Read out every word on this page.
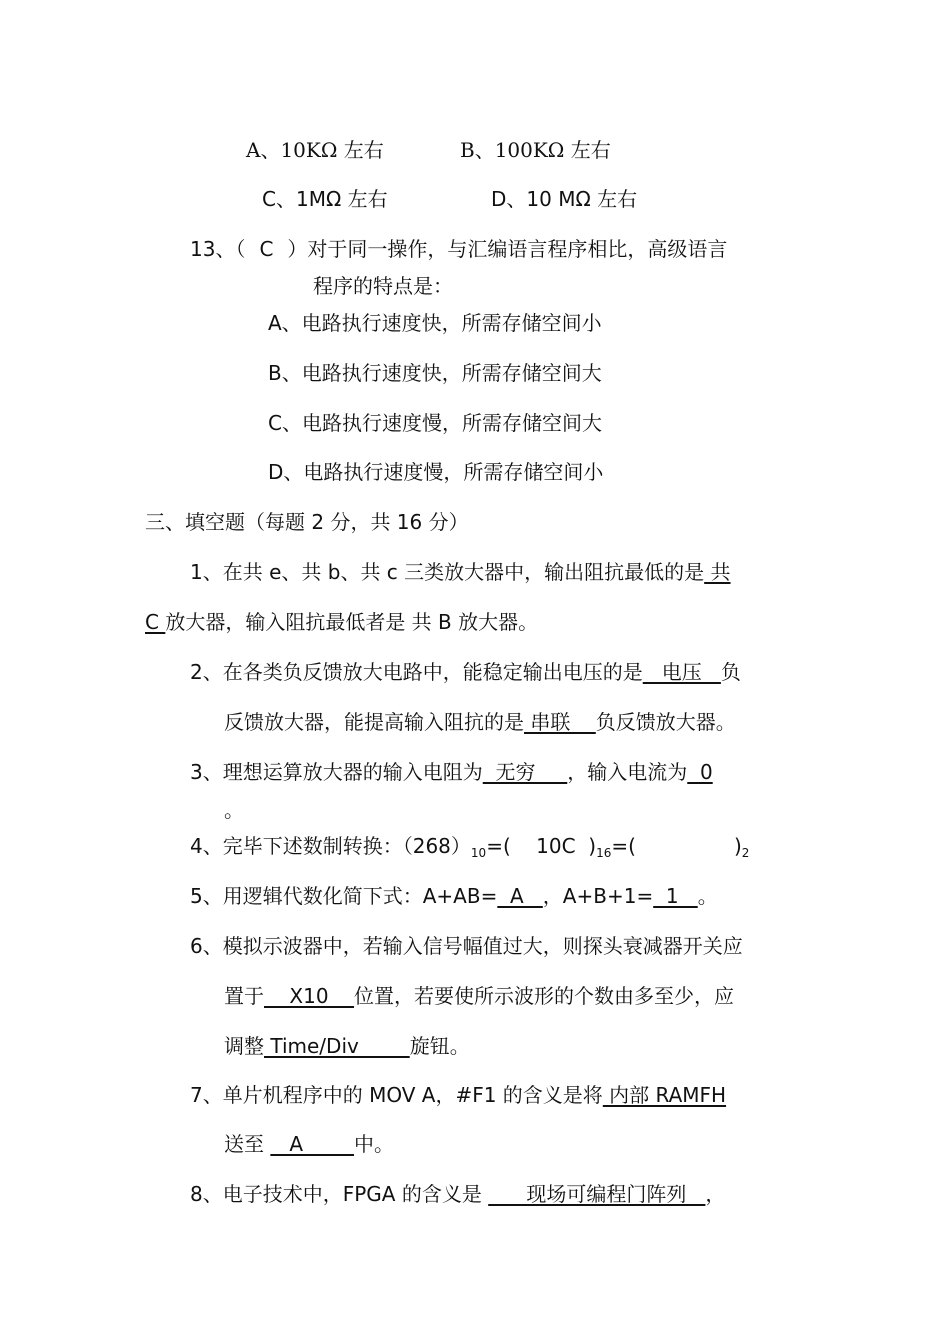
A、10KΩ 左右	B、100KΩ 左右
C、1MΩ 左右	D、10 MΩ 左右
13、（ C ）对于同一操作，与汇编语言程序相比，高级语言
程序的特点是：
A、电路执行速度快，所需存储空间小
B、电路执行速度快，所需存储空间大
C、电路执行速度慢，所需存储空间大
D、电路执行速度慢，所需存储空间小
三、填空题（每题 2 分，共 16 分）
1、在共 e、共 b、共 c 三类放大器中，输出阻抗最低的是 共
C 放大器，输入阻抗最低者是 共 B 放大器。
2、在各类负反馈放大电路中，能稳定输出电压的是   电压   负
反馈放大器，能提高输入阻抗的是 串联    负反馈放大器。
3、理想运算放大器的输入电阻为  无穷     ，输入电流为  0
。
4、完毕下述数制转换：$(268)_{10}=$(    10C  )$_{16}=$(	)$_2$
5、用逻辑代数化简下式：A+AB=  A   ，A+B+1=  1   。
6、模拟示波器中，若输入信号幅值过大，则探头衰减器开关应
置于    X10    位置，若要使所示波形的个数由多至少，应
调整 Time/Div        旋钮。
7、单片机程序中的 MOV A，#F1 的含义是将 内部 RAMFH
送至    A        中。
8、电子技术中，FPGA 的含义是       现场可编程门阵列   ，
